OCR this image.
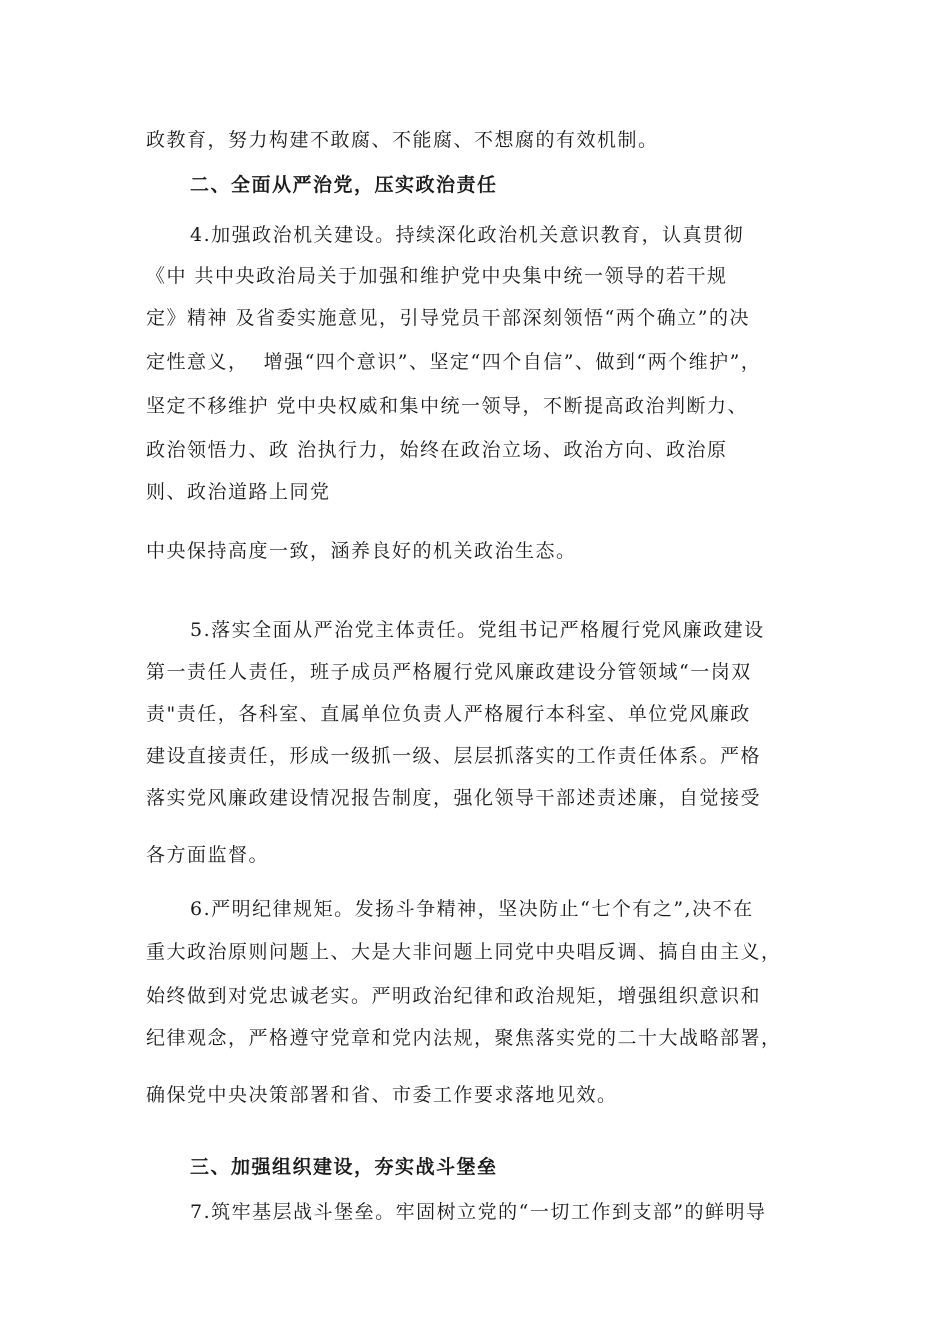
政教育，努力构建不敢腐、不能腐、不想腐的有效机制。
二、全面从严治党，压实政治责任
4.加强政治机关建设。持续深化政治机关意识教育，认真贯彻
《中 共中央政治局关于加强和维护党中央集中统一领导的若干规
定》精神 及省委实施意见，引导党员干部深刻领悟“两个确立”的决
定性意义，  增强“四个意识”、坚定“四个自信”、做到“两个维护”，
坚定不移维护 党中央权威和集中统一领导，不断提高政治判断力、
政治领悟力、政 治执行力，始终在政治立场、政治方向、政治原
则、政治道路上同党
中央保持高度一致，涵养良好的机关政治生态。
5.落实全面从严治党主体责任。党组书记严格履行党风廉政建设
第一责任人责任，班子成员严格履行党风廉政建设分管领域“一岗双
责"责任，各科室、直属单位负责人严格履行本科室、单位党风廉政
建设直接责任，形成一级抓一级、层层抓落实的工作责任体系。严格
落实党风廉政建设情况报告制度，强化领导干部述责述廉，自觉接受
各方面监督。
6.严明纪律规矩。发扬斗争精神，坚决防止“七个有之”,决不在
重大政治原则问题上、大是大非问题上同党中央唱反调、搞自由主义，
始终做到对党忠诚老实。严明政治纪律和政治规矩，增强组织意识和
纪律观念，严格遵守党章和党内法规，聚焦落实党的二十大战略部署，
确保党中央决策部署和省、市委工作要求落地见效。
三、加强组织建设，夯实战斗堡垒
7.筑牢基层战斗堡垒。牢固树立党的“一切工作到支部”的鲜明导
